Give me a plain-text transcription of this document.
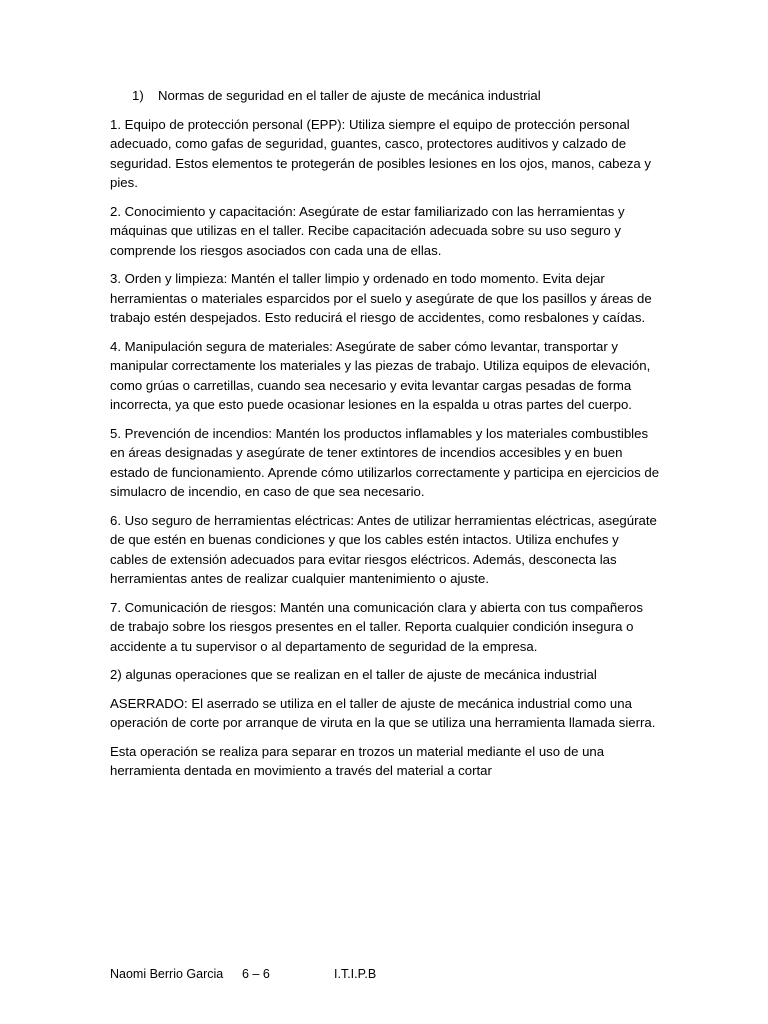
1) Normas de seguridad en el taller de ajuste de mecánica industrial

1. Equipo de protección personal (EPP): Utiliza siempre el equipo de protección personal adecuado, como gafas de seguridad, guantes, casco, protectores auditivos y calzado de seguridad. Estos elementos te protegerán de posibles lesiones en los ojos, manos, cabeza y pies.

2. Conocimiento y capacitación: Asegúrate de estar familiarizado con las herramientas y máquinas que utilizas en el taller. Recibe capacitación adecuada sobre su uso seguro y comprende los riesgos asociados con cada una de ellas.

3. Orden y limpieza: Mantén el taller limpio y ordenado en todo momento. Evita dejar herramientas o materiales esparcidos por el suelo y asegúrate de que los pasillos y áreas de trabajo estén despejados. Esto reducirá el riesgo de accidentes, como resbalones y caídas.

4. Manipulación segura de materiales: Asegúrate de saber cómo levantar, transportar y manipular correctamente los materiales y las piezas de trabajo. Utiliza equipos de elevación, como grúas o carretillas, cuando sea necesario y evita levantar cargas pesadas de forma incorrecta, ya que esto puede ocasionar lesiones en la espalda u otras partes del cuerpo.

5. Prevención de incendios: Mantén los productos inflamables y los materiales combustibles en áreas designadas y asegúrate de tener extintores de incendios accesibles y en buen estado de funcionamiento. Aprende cómo utilizarlos correctamente y participa en ejercicios de simulacro de incendio, en caso de que sea necesario.

6. Uso seguro de herramientas eléctricas: Antes de utilizar herramientas eléctricas, asegúrate de que estén en buenas condiciones y que los cables estén intactos. Utiliza enchufes y cables de extensión adecuados para evitar riesgos eléctricos. Además, desconecta las herramientas antes de realizar cualquier mantenimiento o ajuste.

7. Comunicación de riesgos: Mantén una comunicación clara y abierta con tus compañeros de trabajo sobre los riesgos presentes en el taller. Reporta cualquier condición insegura o accidente a tu supervisor o al departamento de seguridad de la empresa.

2) algunas operaciones que se realizan en el taller de ajuste de mecánica industrial

ASERRADO: El aserrado se utiliza en el taller de ajuste de mecánica industrial como una operación de corte por arranque de viruta en la que se utiliza una herramienta llamada sierra.

Esta operación se realiza para separar en trozos un material mediante el uso de una herramienta dentada en movimiento a través del material a cortar

Naomi Berrio Garcia 6 – 6	I.T.I.P.B
